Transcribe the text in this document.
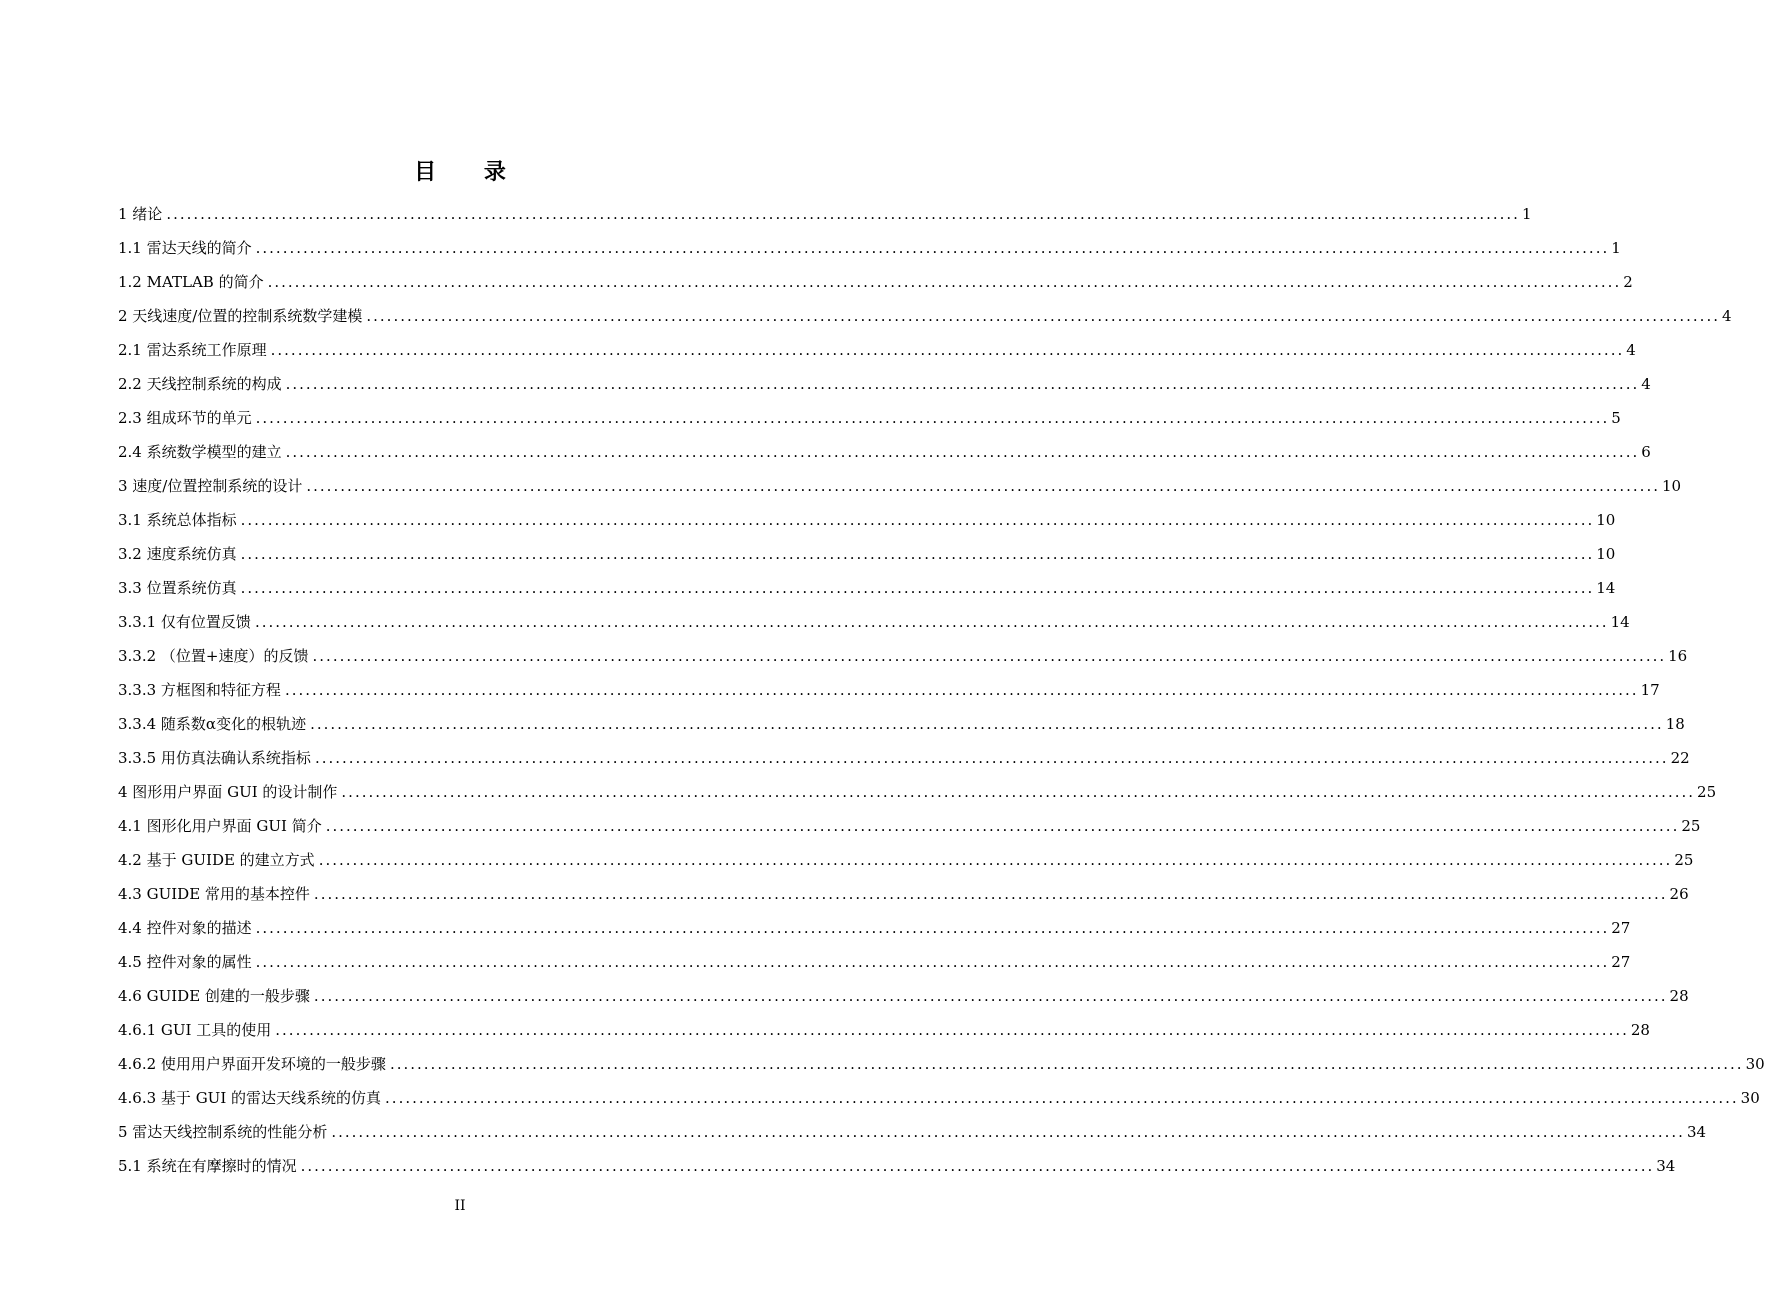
目 录
1 绪论 ........................................................................................................................................................................................................ 1
1.1 雷达天线的简介 ........................................................................................................................................................................................................ 1
1.2 MATLAB 的简介 ........................................................................................................................................................................................................ 2
2 天线速度/位置的控制系统数学建模 ........................................................................................................................................................................................................ 4
2.1 雷达系统工作原理 ........................................................................................................................................................................................................ 4
2.2 天线控制系统的构成 ........................................................................................................................................................................................................ 4
2.3 组成环节的单元 ........................................................................................................................................................................................................ 5
2.4 系统数学模型的建立 ........................................................................................................................................................................................................ 6
3 速度/位置控制系统的设计 ........................................................................................................................................................................................................ 10
3.1 系统总体指标 ........................................................................................................................................................................................................ 10
3.2 速度系统仿真 ........................................................................................................................................................................................................ 10
3.3 位置系统仿真 ........................................................................................................................................................................................................ 14
3.3.1 仅有位置反馈 ........................................................................................................................................................................................................ 14
3.3.2 （位置+速度）的反馈 ........................................................................................................................................................................................................ 16
3.3.3 方框图和特征方程 ........................................................................................................................................................................................................ 17
3.3.4 随系数α变化的根轨迹 ........................................................................................................................................................................................................ 18
3.3.5 用仿真法确认系统指标 ........................................................................................................................................................................................................ 22
4 图形用户界面 GUI 的设计制作 ........................................................................................................................................................................................................ 25
4.1 图形化用户界面 GUI 简介 ........................................................................................................................................................................................................ 25
4.2 基于 GUIDE 的建立方式 ........................................................................................................................................................................................................ 25
4.3 GUIDE 常用的基本控件 ........................................................................................................................................................................................................ 26
4.4 控件对象的描述 ........................................................................................................................................................................................................ 27
4.5 控件对象的属性 ........................................................................................................................................................................................................ 27
4.6 GUIDE 创建的一般步骤 ........................................................................................................................................................................................................ 28
4.6.1 GUI 工具的使用 ........................................................................................................................................................................................................ 28
4.6.2 使用用户界面开发环境的一般步骤 ........................................................................................................................................................................................................ 30
4.6.3 基于 GUI 的雷达天线系统的仿真 ........................................................................................................................................................................................................ 30
5 雷达天线控制系统的性能分析 ........................................................................................................................................................................................................ 34
5.1 系统在有摩擦时的情况 ........................................................................................................................................................................................................ 34
II
